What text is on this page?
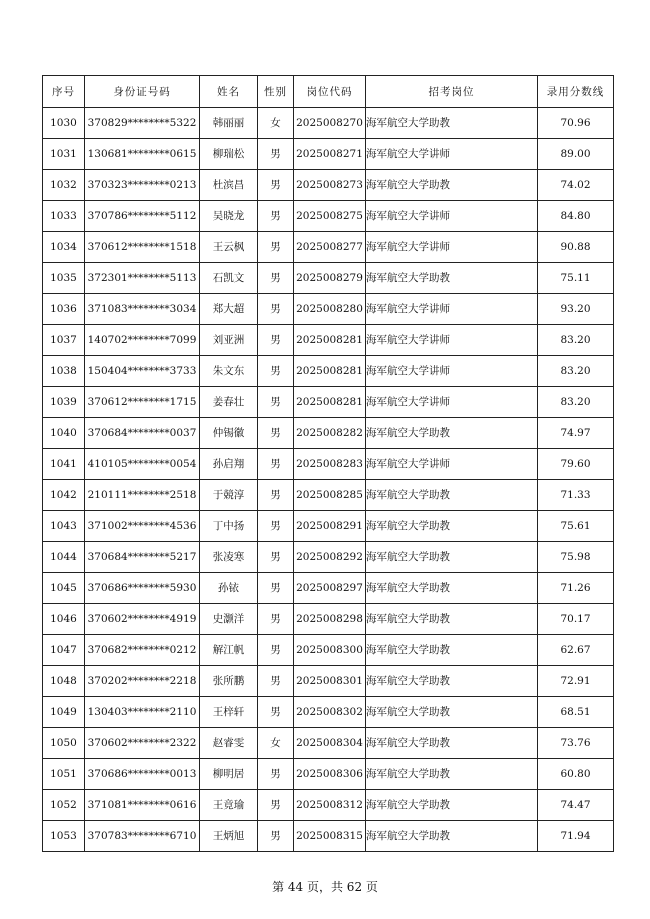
序号	身份证号码	姓名	性别	岗位代码	招考岗位	录用分数线
1030	370829********5322	韩丽丽	女	2025008270	海军航空大学助教	70.96
1031	130681********0615	柳瑞松	男	2025008271	海军航空大学讲师	89.00
1032	370323********0213	杜滨昌	男	2025008273	海军航空大学助教	74.02
1033	370786********5112	吴晓龙	男	2025008275	海军航空大学讲师	84.80
1034	370612********1518	王云枫	男	2025008277	海军航空大学讲师	90.88
1035	372301********5113	石凯文	男	2025008279	海军航空大学助教	75.11
1036	371083********3034	郑大超	男	2025008280	海军航空大学讲师	93.20
1037	140702********7099	刘亚洲	男	2025008281	海军航空大学讲师	83.20
1038	150404********3733	朱文东	男	2025008281	海军航空大学讲师	83.20
1039	370612********1715	姜春壮	男	2025008281	海军航空大学讲师	83.20
1040	370684********0037	仲锡徽	男	2025008282	海军航空大学助教	74.97
1041	410105********0054	孙启翔	男	2025008283	海军航空大学讲师	79.60
1042	210111********2518	于競淳	男	2025008285	海军航空大学助教	71.33
1043	371002********4536	丁中扬	男	2025008291	海军航空大学助教	75.61
1044	370684********5217	张凌寒	男	2025008292	海军航空大学助教	75.98
1045	370686********5930	孙铱	男	2025008297	海军航空大学助教	71.26
1046	370602********4919	史灏洋	男	2025008298	海军航空大学助教	70.17
1047	370682********0212	解江帆	男	2025008300	海军航空大学助教	62.67
1048	370202********2218	张所鹏	男	2025008301	海军航空大学助教	72.91
1049	130403********2110	王梓轩	男	2025008302	海军航空大学助教	68.51
1050	370602********2322	赵睿雯	女	2025008304	海军航空大学助教	73.76
1051	370686********0013	柳明居	男	2025008306	海军航空大学助教	60.80
1052	371081********0616	王竟瑜	男	2025008312	海军航空大学助教	74.47
1053	370783********6710	王炳旭	男	2025008315	海军航空大学助教	71.94
第 44 页，共 62 页
